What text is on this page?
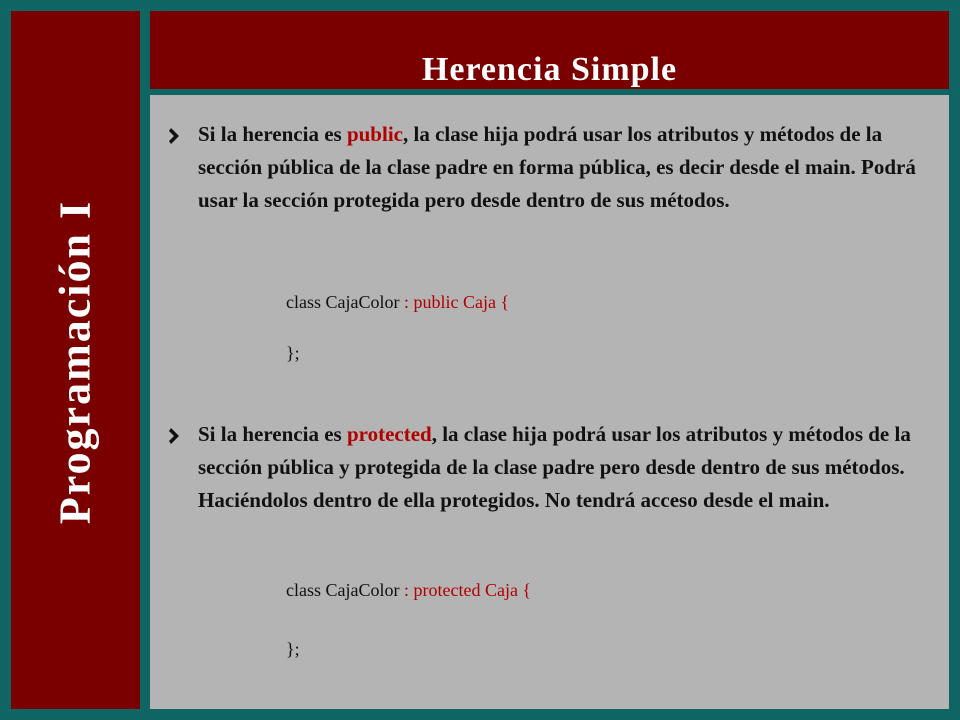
Programación I
Herencia Simple
Si la herencia es public, la clase hija podrá usar los atributos y métodos de la sección pública de la clase padre en forma pública, es decir desde el main. Podrá usar la sección protegida pero desde dentro de sus métodos.
class CajaColor : public Caja {
};
Si la herencia es protected, la clase hija podrá usar los atributos y métodos de la sección pública y protegida de la clase padre pero desde dentro de sus métodos. Haciéndolos dentro de ella protegidos. No tendrá acceso desde el main.
class CajaColor : protected Caja {
};
